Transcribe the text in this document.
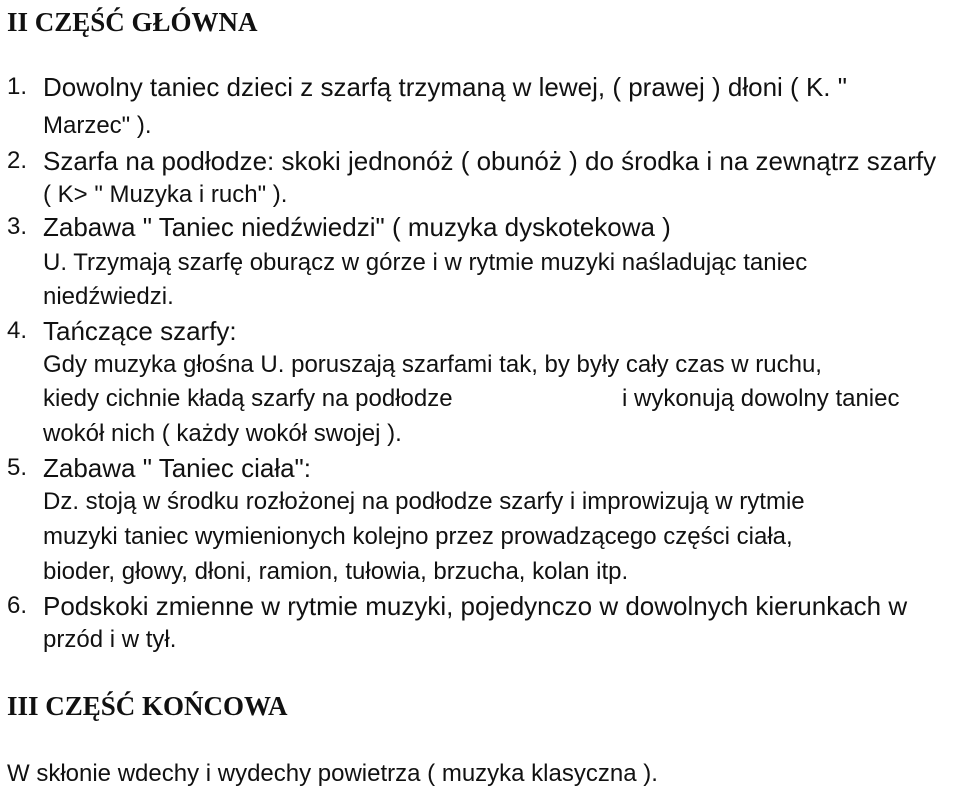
II CZĘŚĆ GŁÓWNA
1. Dowolny taniec dzieci z szarfą trzymaną w lewej, ( prawej ) dłoni ( K. "
Marzec" ).
2. Szarfa na podłodze: skoki jednonóż ( obunóż ) do środka i na zewnątrz szarfy
( K> " Muzyka i ruch" ).
3. Zabawa " Taniec niedźwiedzi" ( muzyka dyskotekowa )
U. Trzymają szarfę oburącz w górze i w rytmie muzyki naśladując taniec
niedźwiedzi.
4. Tańczące szarfy:
Gdy muzyka głośna U. poruszają szarfami tak, by były cały czas w ruchu,
kiedy cichnie kładą szarfy na podłodze	i wykonują dowolny taniec
wokół nich ( każdy wokół swojej ).
5. Zabawa " Taniec ciała":
Dz. stoją w środku rozłożonej na podłodze szarfy i improwizują w rytmie
muzyki taniec wymienionych kolejno przez prowadzącego części ciała,
bioder, głowy, dłoni, ramion, tułowia, brzucha, kolan itp.
6. Podskoki zmienne w rytmie muzyki, pojedynczo w dowolnych kierunkach w
przód i w tył.
III CZĘŚĆ KOŃCOWA
W skłonie wdechy i wydechy powietrza ( muzyka klasyczna ).
